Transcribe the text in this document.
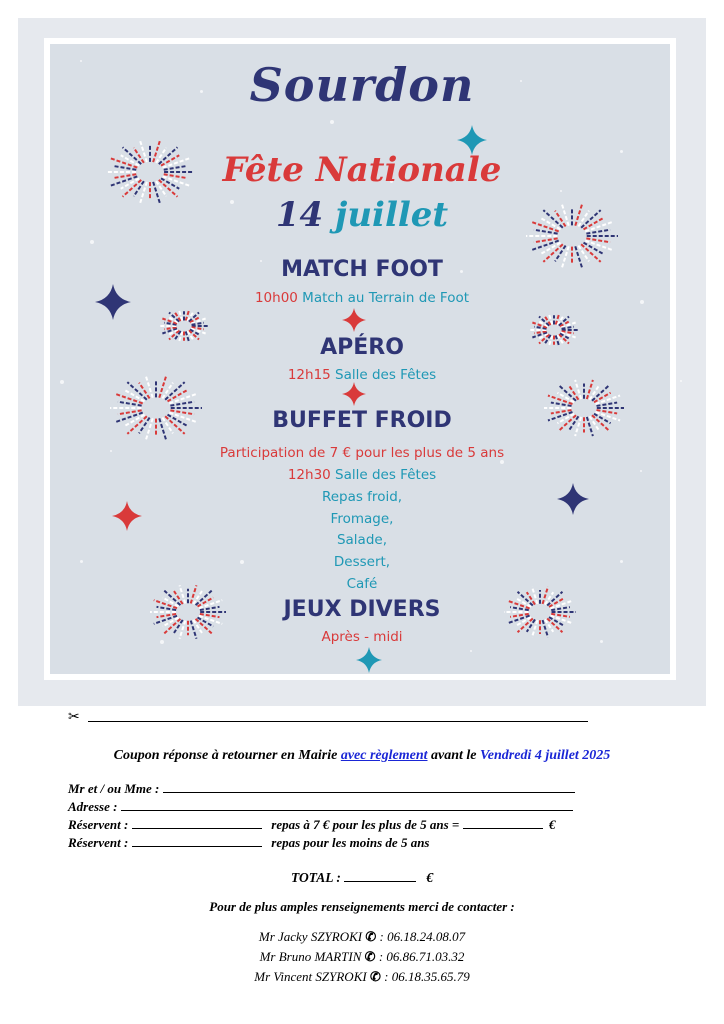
Sourdon
Fête Nationale
14 juillet
MATCH FOOT
10h00 Match au Terrain de Foot
APÉRO
12h15 Salle des Fêtes
BUFFET FROID
Participation de 7 € pour les plus de 5 ans
12h30 Salle des Fêtes
Repas froid,
Fromage,
Salade,
Dessert,
Café
JEUX DIVERS
Après - midi
✂
Coupon réponse à retourner en Mairie avec règlement avant le Vendredi 4 juillet 2025
Mr et / ou Mme :
Adresse :
Réservent :	repas à 7 € pour les plus de 5 ans =	€
Réservent :	repas pour les moins de 5 ans
TOTAL :	€
Pour de plus amples renseignements merci de contacter :
Mr Jacky SZYROKI ✆ : 06.18.24.08.07
Mr Bruno MARTIN ✆ : 06.86.71.03.32
Mr Vincent SZYROKI ✆ : 06.18.35.65.79
